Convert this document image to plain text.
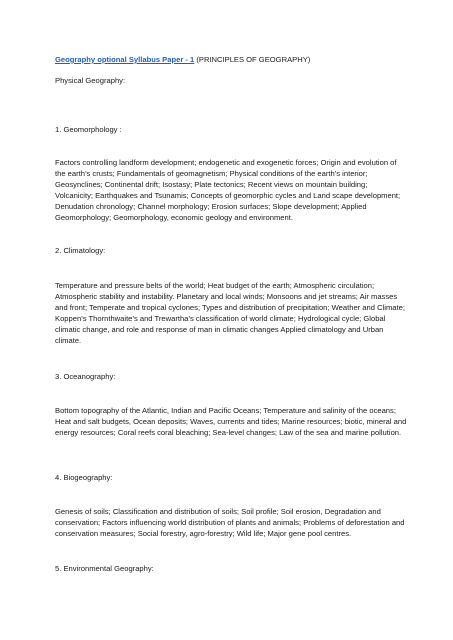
Geography optional Syllabus Paper - 1 (PRINCIPLES OF GEOGRAPHY)

Physical Geography:

1. Geomorphology :

Factors controlling landform development; endogenetic and exogenetic forces; Origin and evolution of the earth’s crusts; Fundamentals of geomagnetism; Physical conditions of the earth’s interior; Geosynclines; Continental drift; Isostasy; Plate tectonics; Recent views on mountain building; Volcanicity; Earthquakes and Tsunamis; Concepts of geomorphic cycles and Land scape development; Denudation chronology; Channel morphology; Erosion surfaces; Slope development; Applied Geomorphology; Geomorphology, economic geology and environment.

2. Climatology:

Temperature and pressure belts of the world; Heat budget of the earth; Atmospheric circulation; Atmospheric stability and instability. Planetary and local winds; Monsoons and jet streams; Air masses and front; Temperate and tropical cyclones; Types and distribution of precipitation; Weather and Climate; Koppen’s Thornthwaite’s and Trewartha’s classification of world climate; Hydrological cycle; Global climatic change, and role and response of man in climatic changes Applied climatology and Urban climate.

3. Oceanography:

Bottom topography of the Atlantic, Indian and Pacific Oceans; Temperature and salinity of the oceans; Heat and salt budgets, Ocean deposits; Waves, currents and tides; Marine resources; biotic, mineral and energy resources; Coral reefs coral bleaching; Sea-level changes; Law of the sea and marine pollution.

4. Biogeography:

Genesis of soils; Classification and distribution of soils; Soil profile; Soil erosion, Degradation and conservation; Factors influencing world distribution of plants and animals; Problems of deforestation and conservation measures; Social forestry, agro-forestry; Wild life; Major gene pool centres.

5. Environmental Geography:
